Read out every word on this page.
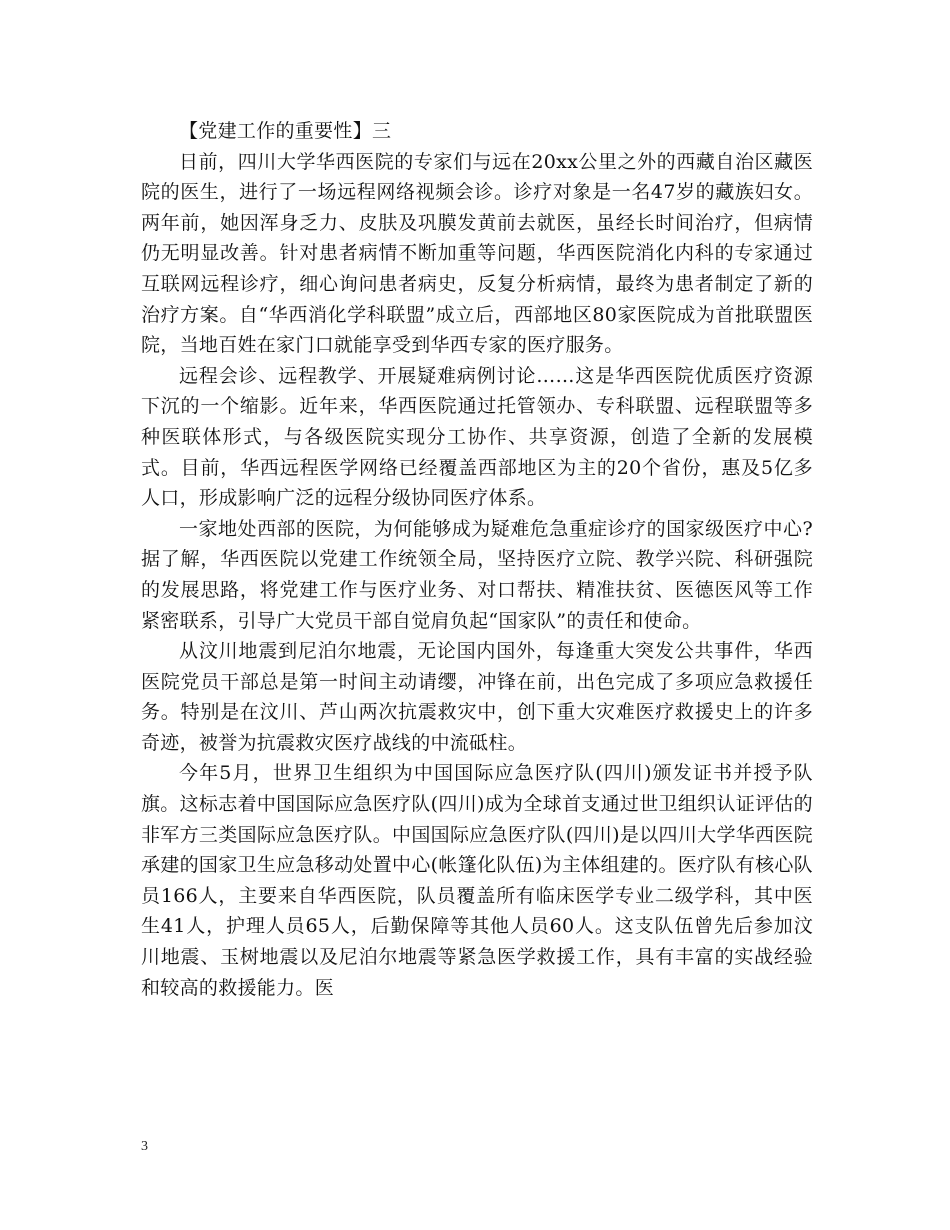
【党建工作的重要性】三

日前，四川大学华西医院的专家们与远在20xx公里之外的西藏自治区藏医院的医生，进行了一场远程网络视频会诊。诊疗对象是一名47岁的藏族妇女。两年前，她因浑身乏力、皮肤及巩膜发黄前去就医，虽经长时间治疗，但病情仍无明显改善。针对患者病情不断加重等问题，华西医院消化内科的专家通过互联网远程诊疗，细心询问患者病史，反复分析病情，最终为患者制定了新的治疗方案。自“华西消化学科联盟”成立后，西部地区80家医院成为首批联盟医院，当地百姓在家门口就能享受到华西专家的医疗服务。

远程会诊、远程教学、开展疑难病例讨论……这是华西医院优质医疗资源下沉的一个缩影。近年来，华西医院通过托管领办、专科联盟、远程联盟等多种医联体形式，与各级医院实现分工协作、共享资源，创造了全新的发展模式。目前，华西远程医学网络已经覆盖西部地区为主的20个省份，惠及5亿多人口，形成影响广泛的远程分级协同医疗体系。

一家地处西部的医院，为何能够成为疑难危急重症诊疗的国家级医疗中心?据了解，华西医院以党建工作统领全局，坚持医疗立院、教学兴院、科研强院的发展思路，将党建工作与医疗业务、对口帮扶、精准扶贫、医德医风等工作紧密联系，引导广大党员干部自觉肩负起“国家队”的责任和使命。

从汶川地震到尼泊尔地震，无论国内国外，每逢重大突发公共事件，华西医院党员干部总是第一时间主动请缨，冲锋在前，出色完成了多项应急救援任务。特别是在汶川、芦山两次抗震救灾中，创下重大灾难医疗救援史上的许多奇迹，被誉为抗震救灾医疗战线的中流砥柱。

今年5月，世界卫生组织为中国国际应急医疗队(四川)颁发证书并授予队旗。这标志着中国国际应急医疗队(四川)成为全球首支通过世卫组织认证评估的非军方三类国际应急医疗队。中国国际应急医疗队(四川)是以四川大学华西医院承建的国家卫生应急移动处置中心(帐篷化队伍)为主体组建的。医疗队有核心队员166人，主要来自华西医院，队员覆盖所有临床医学专业二级学科，其中医生41人，护理人员65人，后勤保障等其他人员60人。这支队伍曾先后参加汶川地震、玉树地震以及尼泊尔地震等紧急医学救援工作，具有丰富的实战经验和较高的救援能力。医

3
